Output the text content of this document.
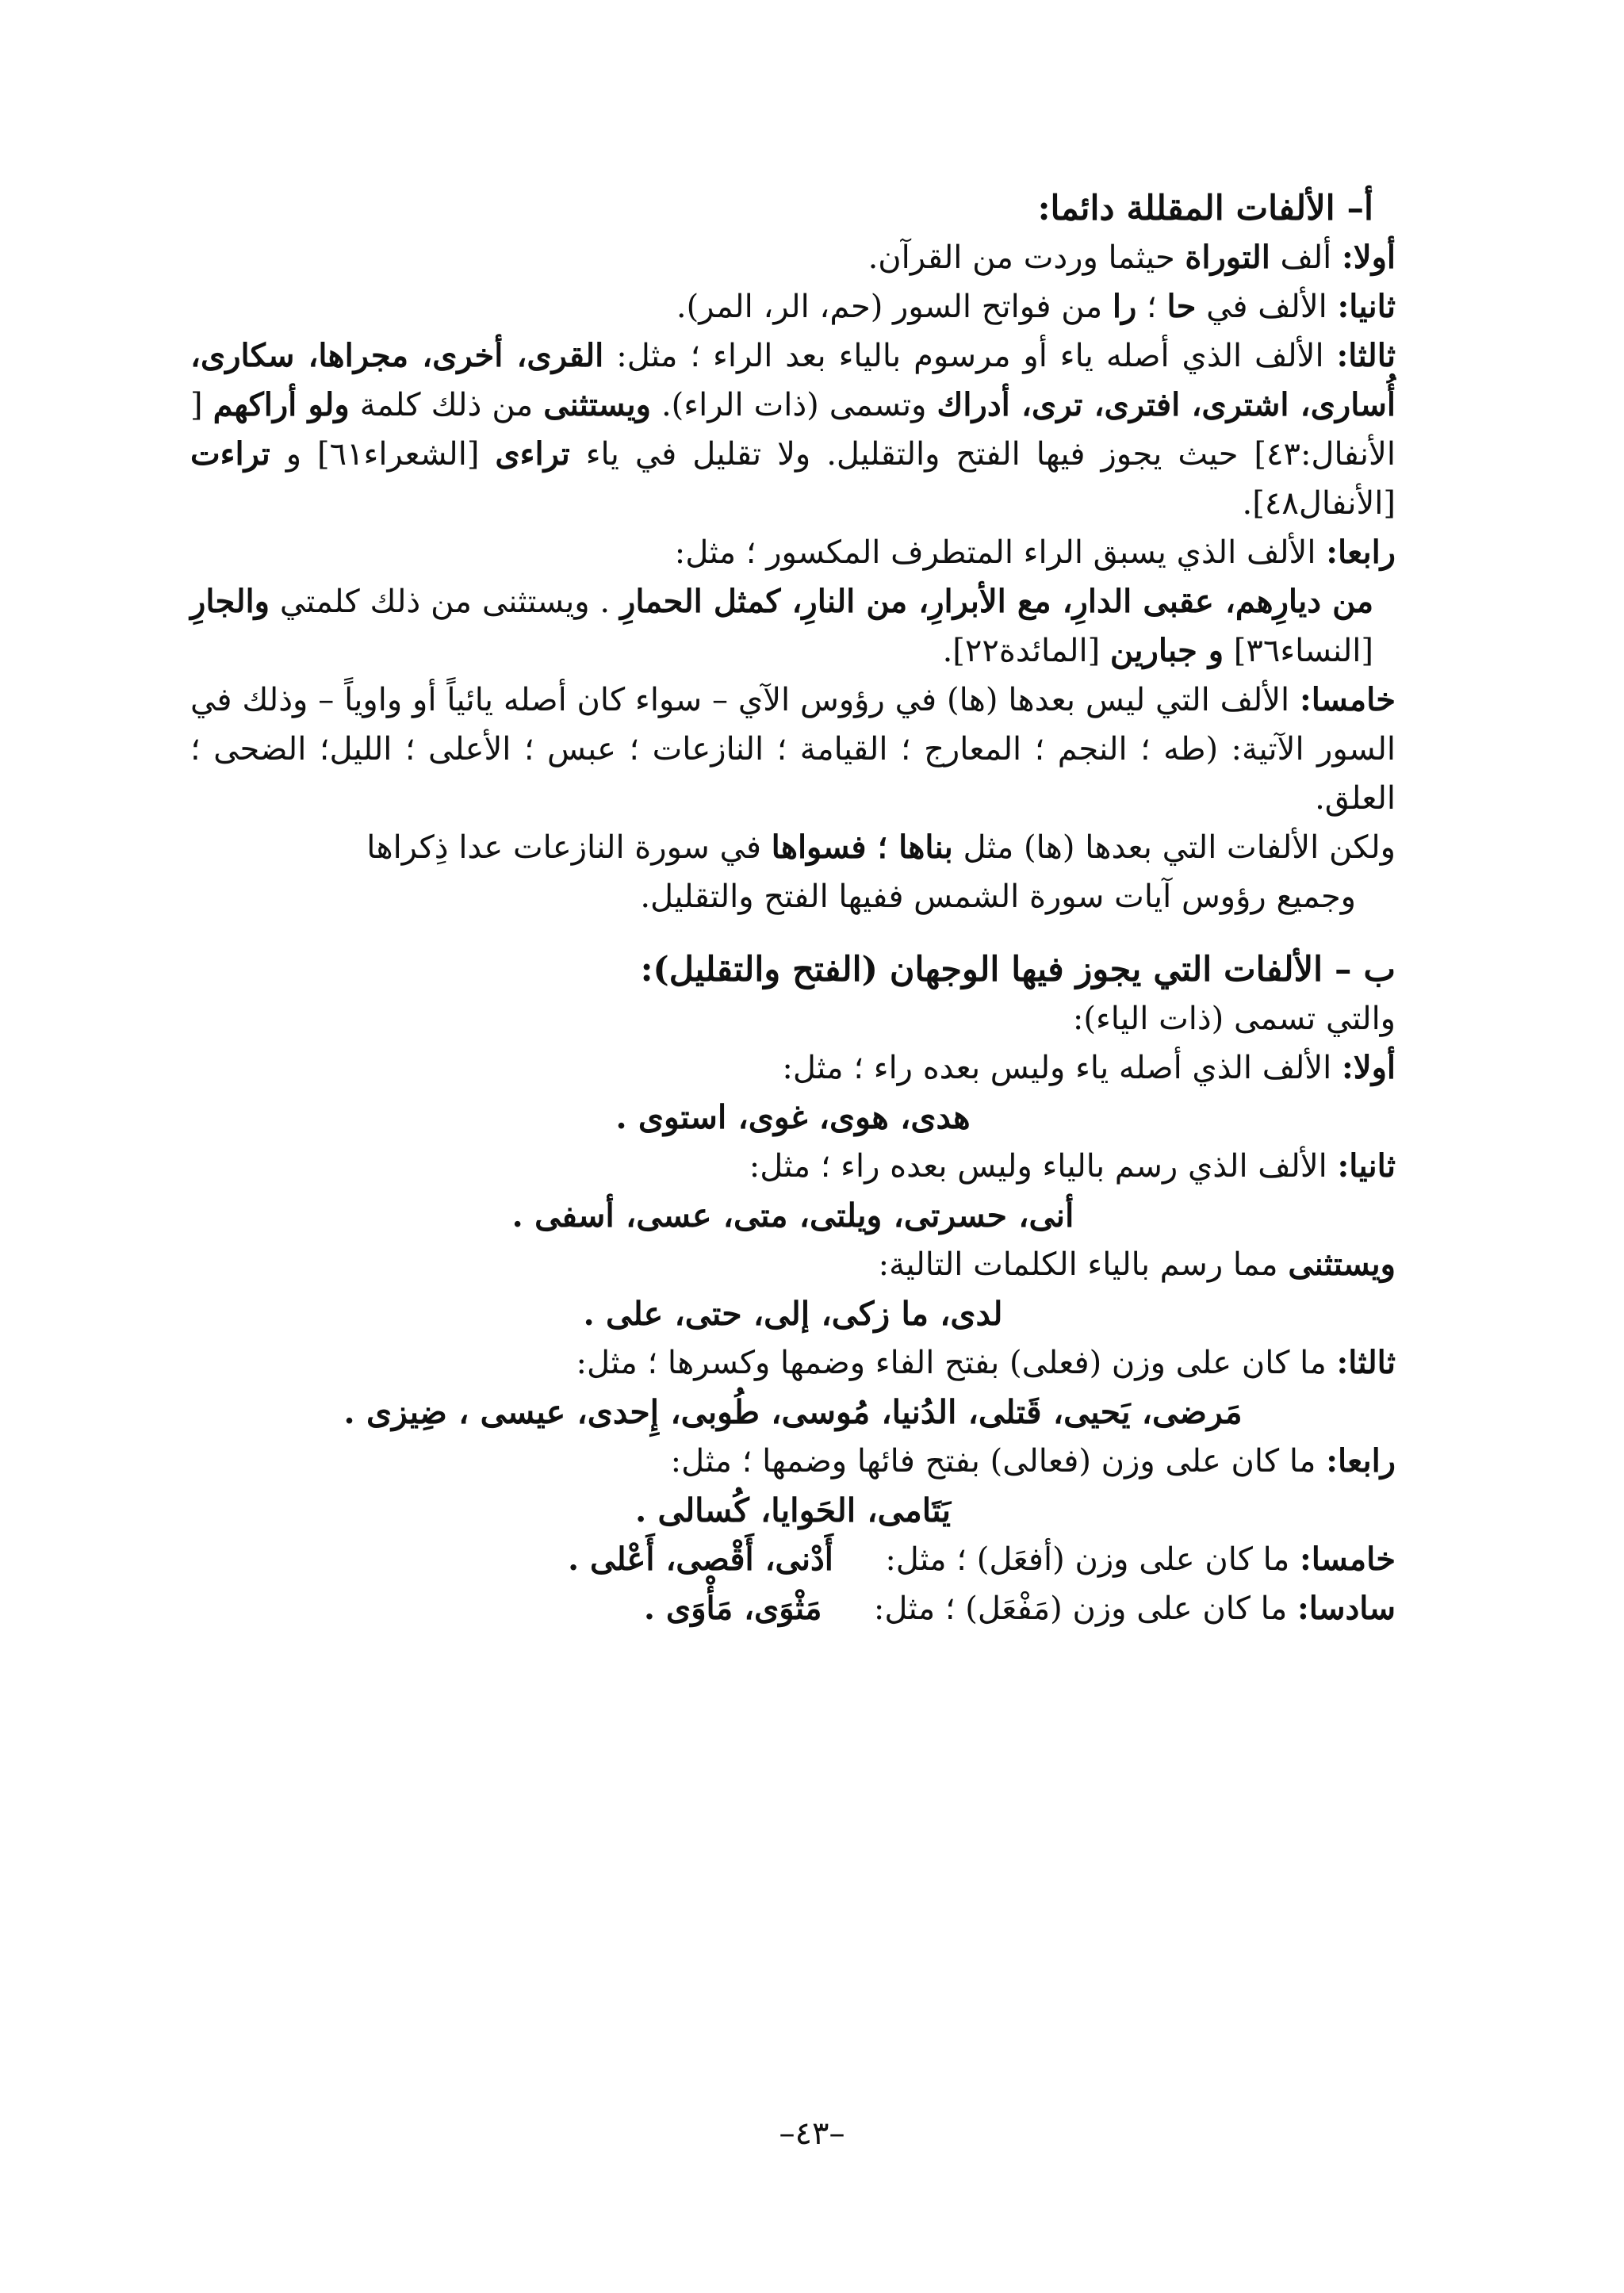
أ– الألفات المقللة دائما:

أولا: ألف التوراة حيثما وردت من القرآن.

ثانيا: الألف في حا ؛ را من فواتح السور (حم، الر، المر).

ثالثا: الألف الذي أصله ياء أو مرسوم بالياء بعد الراء ؛ مثل: القرى، أخرى، مجراها، سكارى، أُسارى، اشترى، افترى، ترى، أدراك وتسمى (ذات الراء). ويستثنى من ذلك كلمة ولو أراكهم [ الأنفال:٤٣] حيث يجوز فيها الفتح والتقليل. ولا تقليل في ياء تراءى [الشعراء٦١] و تراءت [الأنفال٤٨].

رابعا: الألف الذي يسبق الراء المتطرف المكسور ؛ مثل:

من ديارِهم، عقبى الدارِ، مع الأبرارِ، من النارِ، كمثل الحمارِ . ويستثنى من ذلك كلمتي والجارِ [النساء٣٦] و جبارين [المائدة٢٢].

خامسا: الألف التي ليس بعدها (ها) في رؤوس الآي – سواء كان أصله يائياً أو واوياً – وذلك في السور الآتية: (طه ؛ النجم ؛ المعارج ؛ القيامة ؛ النازعات ؛ عبس ؛ الأعلى ؛ الليل؛ الضحى ؛ العلق.

ولكن الألفات التي بعدها (ها) مثل بناها ؛ فسواها في سورة النازعات عدا ذِكراها

وجميع رؤوس آيات سورة الشمس ففيها الفتح والتقليل.

ب – الألفات التي يجوز فيها الوجهان (الفتح والتقليل):

والتي تسمى (ذات الياء):

أولا: الألف الذي أصله ياء وليس بعده راء ؛ مثل:

هدى، هوى، غوى، استوى .

ثانيا: الألف الذي رسم بالياء وليس بعده راء ؛ مثل:

أنى، حسرتى، ويلتى، متى، عسى، أسفى .

ويستثنى مما رسم بالياء الكلمات التالية:

لدى، ما زكى، إلى، حتى، على .

ثالثا: ما كان على وزن (فعلى) بفتح الفاء وضمها وكسرها ؛ مثل:

مَرضى، يَحيى، قَتلى، الدُنيا، مُوسى، طُوبى، إِحدى، عيسى ، ضِيزى .

رابعا: ما كان على وزن (فعالى) بفتح فائها وضمها ؛ مثل:

يَتَامى، الحَوايا، كُسالى .

خامسا: ما كان على وزن (أفعَل) ؛ مثل:  أَدْنى، أَقْصى، أَعْلى .

سادسا: ما كان على وزن (مَفْعَل) ؛ مثل:  مَثْوَى، مَأْوَى .

–٤٣–
